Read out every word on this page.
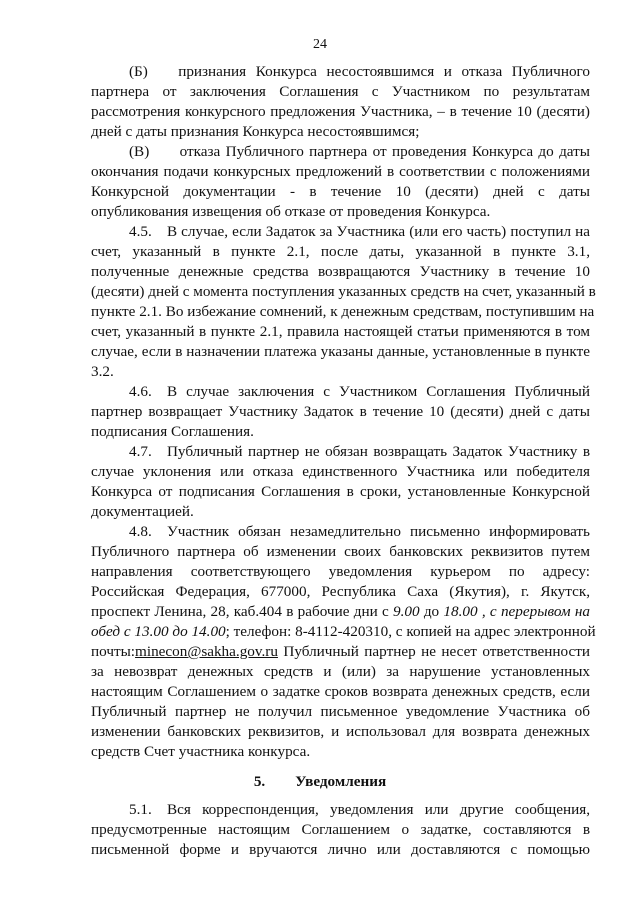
24
(Б)  признания Конкурса несостоявшимся и отказа Публичного
партнера от заключения Соглашения с Участником по результатам
рассмотрения конкурсного предложения Участника, – в течение 10 (десяти)
дней с даты признания Конкурса несостоявшимся;
(В)  отказа Публичного партнера от проведения Конкурса до даты
окончания подачи конкурсных предложений в соответствии с положениями
Конкурсной документации - в течение 10 (десяти) дней с даты
опубликования извещения об отказе от проведения Конкурса.
4.5. В случае, если Задаток за Участника (или его часть) поступил на
счет, указанный в пункте 2.1, после даты, указанной в пункте 3.1,
полученные денежные средства возвращаются Участнику в течение 10
(десяти) дней с момента поступления указанных средств на счет, указанный в
пункте 2.1. Во избежание сомнений, к денежным средствам, поступившим на
счет, указанный в пункте 2.1, правила настоящей статьи применяются в том
случае, если в назначении платежа указаны данные, установленные в пункте
3.2.
4.6. В случае заключения с Участником Соглашения Публичный
партнер возвращает Участнику Задаток в течение 10 (десяти) дней с даты
подписания Соглашения.
4.7. Публичный партнер не обязан возвращать Задаток Участнику в
случае уклонения или отказа единственного Участника или победителя
Конкурса от подписания Соглашения в сроки, установленные Конкурсной
документацией.
4.8. Участник обязан незамедлительно письменно информировать
Публичного партнера об изменении своих банковских реквизитов путем
направления соответствующего уведомления курьером по адресу:
Российская Федерация, 677000, Республика Саха (Якутия), г. Якутск,
проспект Ленина, 28, каб.404 в рабочие дни с 9.00 до 18.00 , с перерывом на
обед с 13.00 до 14.00; телефон: 8-4112-420310, с копией на адрес электронной
почты:minecon@sakha.gov.ru Публичный партнер не несет ответственности
за невозврат денежных средств и (или) за нарушение установленных
настоящим Соглашением о задатке сроков возврата денежных средств, если
Публичный партнер не получил письменное уведомление Участника об
изменении банковских реквизитов, и использовал для возврата денежных
средств Счет участника конкурса.
5. Уведомления
5.1. Вся корреспонденция, уведомления или другие сообщения,
предусмотренные настоящим Соглашением о задатке, составляются в
письменной форме и вручаются лично или доставляются с помощью
